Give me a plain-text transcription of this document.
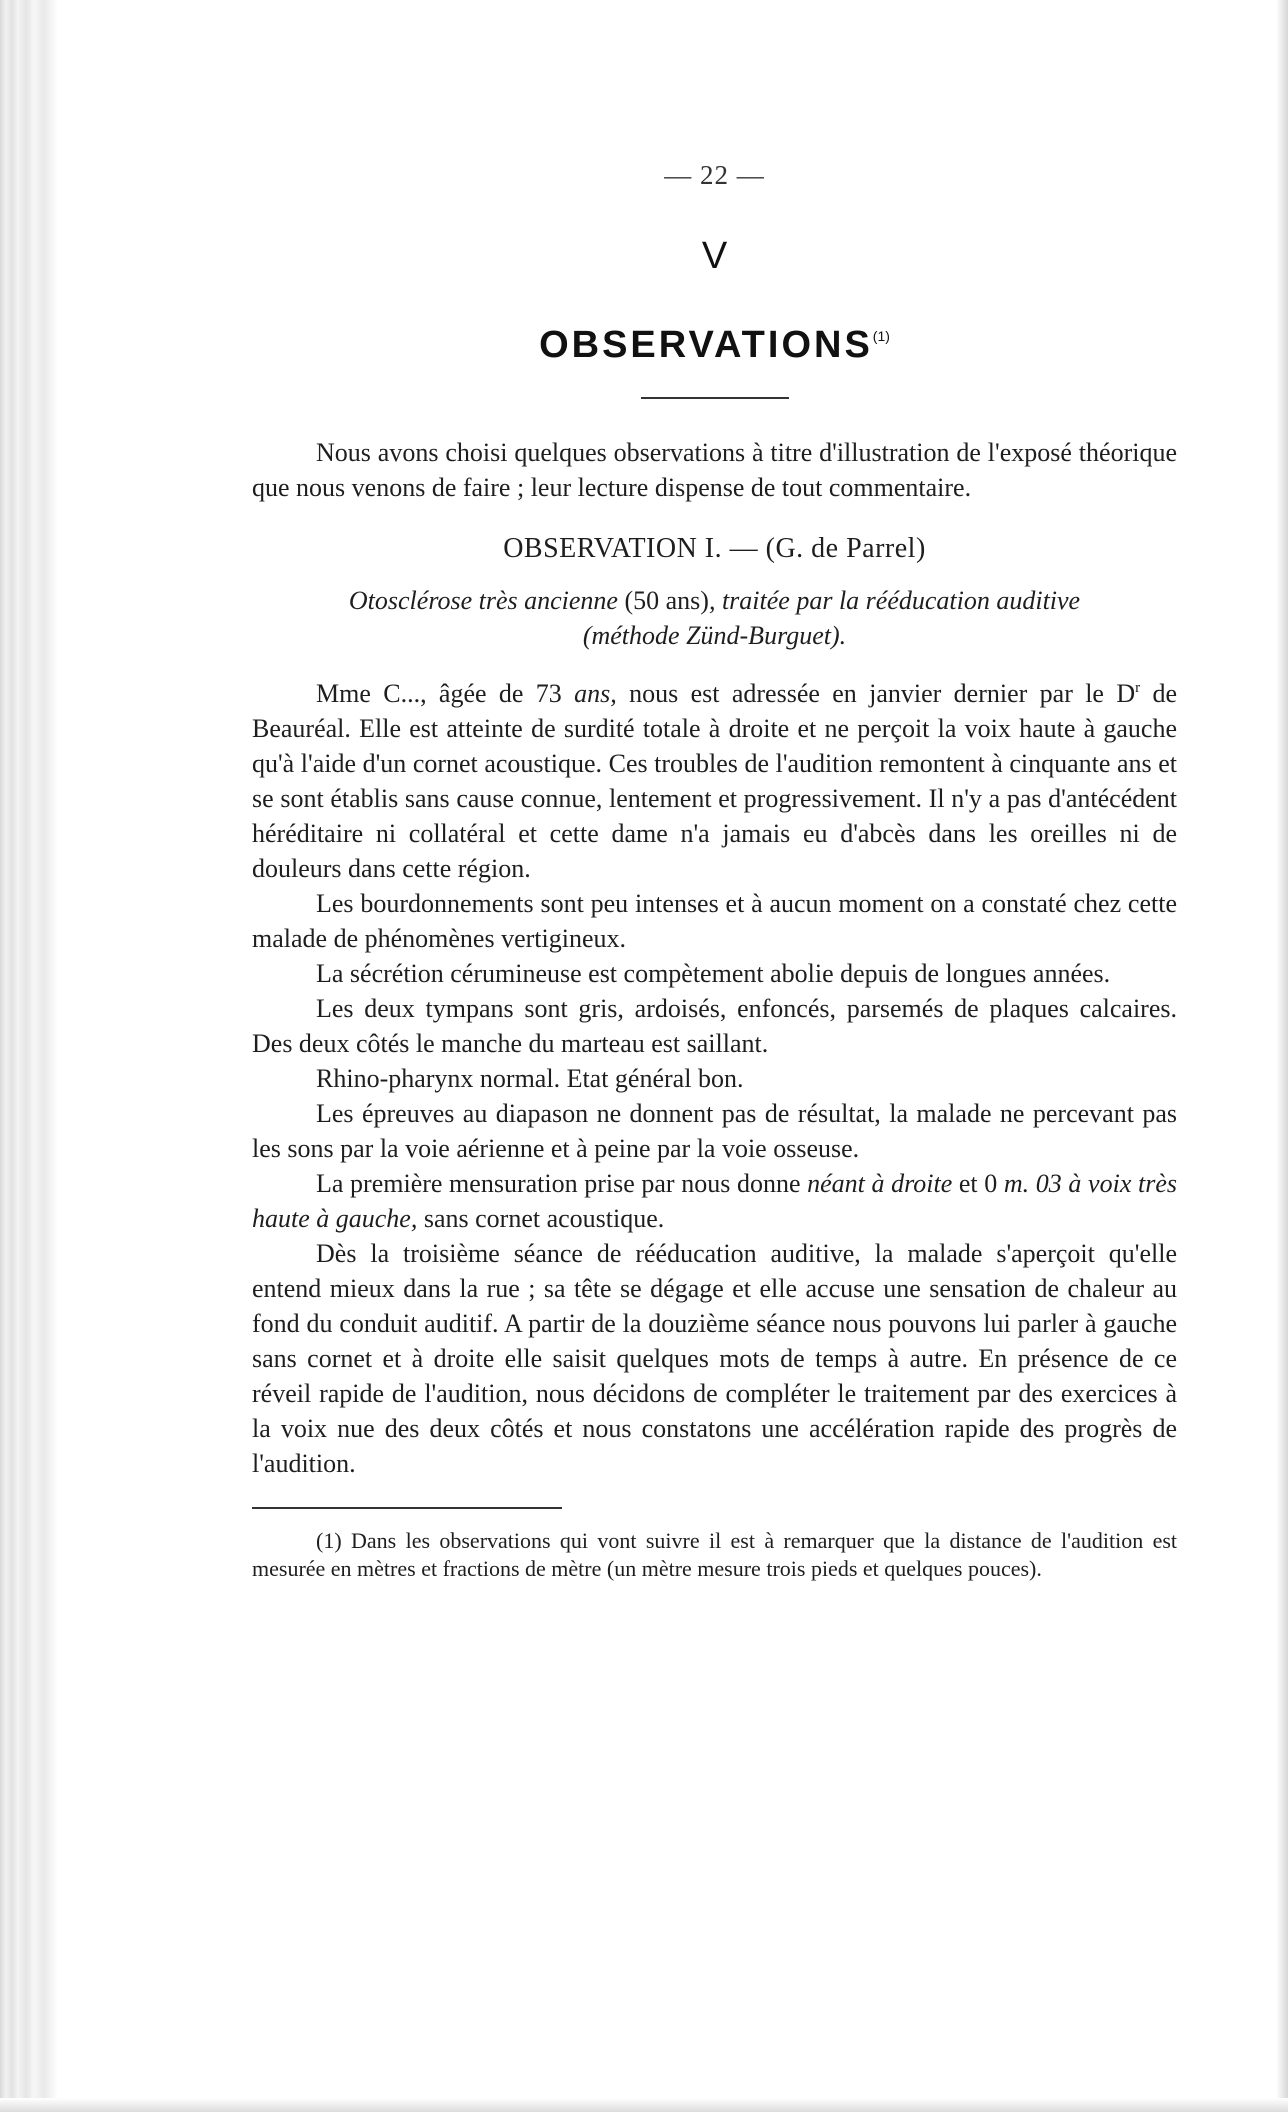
— 22 —
V
OBSERVATIONS$^{(1)}$

Nous avons choisi quelques observations à titre d'illustration de l'exposé théorique que nous venons de faire ; leur lecture dispense de tout commentaire.

OBSERVATION I. — (G. de Parrel)
Otosclérose très ancienne (50 ans), traitée par la rééducation auditive
(méthode Zünd-Burguet).

Mme C..., âgée de 73 ans, nous est adressée en janvier dernier par le $D^r$ de Beauréal. Elle est atteinte de surdité totale à droite et ne perçoit la voix haute à gauche qu'à l'aide d'un cornet acoustique. Ces troubles de l'audition remontent à cinquante ans et se sont établis sans cause connue, lentement et progressivement. Il n'y a pas d'antécédent héréditaire ni collatéral et cette dame n'a jamais eu d'abcès dans les oreilles ni de douleurs dans cette région.

Les bourdonnements sont peu intenses et à aucun moment on a constaté chez cette malade de phénomènes vertigineux.

La sécrétion cérumineuse est compètement abolie depuis de longues années.

Les deux tympans sont gris, ardoisés, enfoncés, parsemés de plaques calcaires. Des deux côtés le manche du marteau est saillant.

Rhino-pharynx normal. Etat général bon.

Les épreuves au diapason ne donnent pas de résultat, la malade ne percevant pas les sons par la voie aérienne et à peine par la voie osseuse.

La première mensuration prise par nous donne néant à droite et 0 m. 03 à voix très haute à gauche, sans cornet acoustique.

Dès la troisième séance de rééducation auditive, la malade s'aperçoit qu'elle entend mieux dans la rue ; sa tête se dégage et elle accuse une sensation de chaleur au fond du conduit auditif. A partir de la douzième séance nous pouvons lui parler à gauche sans cornet et à droite elle saisit quelques mots de temps à autre. En présence de ce réveil rapide de l'audition, nous décidons de compléter le traitement par des exercices à la voix nue des deux côtés et nous constatons une accélération rapide des progrès de l'audition.

(1) Dans les observations qui vont suivre il est à remarquer que la distance de l'audition est mesurée en mètres et fractions de mètre (un mètre mesure trois pieds et quelques pouces).
